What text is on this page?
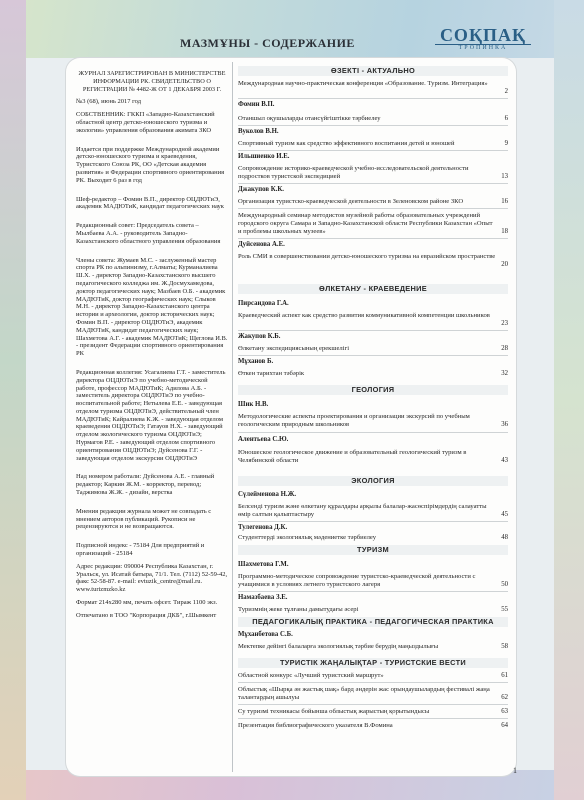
МАЗМҰНЫ - СОДЕРЖАНИЕ	СОҚПАҚ
ТРОПИНКА

ЖУРНАЛ ЗАРЕГИСТРИРОВАН В МИНИСТЕРСТВЕ ИНФОРМАЦИИ РК. СВИДЕТЕЛЬСТВО О РЕГИСТРАЦИИ № 4482-Ж ОТ 1 ДЕКАБРЯ 2003 Г.

№3 (68), июнь 2017 год

СОБСТВЕННИК: ГККП «Западно-Казахстанский областной центр детско-юношеского туризма и экологии» управления образования акимата ЗКО

Издается при поддержке Международной академии детско-юношеского туризма и краеведения, Туристского Союза РК, ОО «Детская академия развития» и Федерации спортивного ориентирования РК. Выходит 6 раз в год

Шеф-редактор – Фомин В.П., директор ОЦДЮТиЭ, академик МАДЮТиК, кандидат педагогических наук

Редакционный совет: Председатель совета – Мылбаева А.А. - руководитель Западно-Казахстанского областного управления образования

Члены совета: Жумаев М.С. - заслуженный мастер спорта РК по альпинизму, г.Алматы; Курманалиева Ш.Х. - директор Западно-Казахстанского высшего педагогического колледжа им. Ж.Досмухамедова, доктор педагогических наук; Мазбаев О.Б. - академик МАДЮТиК, доктор географических наук; Слыков М.Н. - директор Западно-Казахстанского центра истории и археологии, доктор исторических наук; Фомин В.П. - директор ОЦДЮТиЭ, академик МАДЮТиК, кандидат педагогических наук; Шахметова А.Г. - академик МАДЮТиК; Щеглова И.В. - президент Федерации спортивного ориентирования РК

Редакционная коллегия: Усагалиева Г.Т. - заместитель директора ОЦДЮТиЭ по учебно-методической работе, профессор МАДЮТиК; Адилова А.Б. - заместитель директора ОЦДЮТиЭ по учебно-воспитательной работе; Нетылева Е.Е. - заведующая отделом туризма ОЦДЮТиЭ, действительный член МАДЮТиК; Кайралиева К.Ж. - заведующая отделом краеведения ОЦДЮТиЭ; Гатауов Н.Х. - заведующий отделом экологического туризма ОЦДЮТиЭ; Нурмагов Р.Е. - заведующий отделом спортивного ориентирования ОЦДЮТиЭ; Дуйсенова Г.Г. - заведующая отделом экскурсии ОЦДЮТиЭ

Над номером работали: Дуйсенова А.Е. - главный редактор; Каркин Ж.М. - корректор, перевод; Таджимова Ж.Ж. - дизайн, верстка

Мнения редакции журнала может не совпадать с мнением авторов публикаций. Рукописи не рецензируются и не возвращаются.

Подписной индекс - 75184 Для предприятий и организаций - 25184

Адрес редакции: 090004 Республика Казахстан, г. Уральск, ул. Исатай батыра, 71/1. Тел. (7112) 52-59-42, факс 52-58-87. e-mail: evtuzik_centre@mail.ru. www.turizmzko.kz

Формат 214х280 мм, печать офсет. Тираж 1100 экз.

Отпечатано в ТОО "Корпорация ДКБ", г.Шымкент

ӨЗЕКТІ - АКТУАЛЬНО
ӨЛКЕТАНУ - КРАЕВЕДЕНИЕ
ГЕОЛОГИЯ
ЭКОЛОГИЯ
ТУРИЗМ
ПЕДАГОГИКАЛЫҚ ПРАКТИКА - ПЕДАГОГИЧЕСКАЯ ПРАКТИКА
ТУРИСТІК ЖАҢАЛЫҚТАР - ТУРИСТСКИЕ ВЕСТИ
Международная научно-практическая конференция «Образование. Туризм. Интеграция»
2
Фомин В.П.
Отаншыл оқушыларды отансүйгіштікке тәрбиелеу	6
Вуколов В.Н.
Спортивный туризм как средство эффективного воспитания детей и юношей	9
Ильшиенко И.Е.
Сопровождение историко-краеведческой учебно-исследовательской деятельности подростков туристской экспедицией	13
Джакупов К.К.
Организация туристско-краеведческой деятельности в Зеленовском районе ЗКО	16
Международный семинар методистов музейной работы образовательных учреждений городского округа Самара и Западно-Казахстанской области Республики Казахстан «Опыт и проблемы школьных музеев»	18
Дуйсенова А.Е.
Роль СМИ в совершенствовании детско-юношеского туризма на евразийском пространстве
20
Пирсаидова Г.А.
Краеведческий аспект как средство развития коммуникативной компетенции школьников
23
Жакупов К.Б.
Өлкетану экспедициясының ерекшелігі	28
Мұханов Б.
Өткен тарихтан тәбәрік	32
Шик Н.В.
Методологические аспекты проектирования и организации экскурсий по учебным геологическим природным школьников	36
Алентьева С.Ю.
Юношеское геологическое движение и образовательный геологический туризм в Челябинской области	43
Сүлейменова Н.Ж.
Белсенді туризм және өлкетану құралдары арқылы балалар-жасөспірімдердің салауатты өмір салтын қалыптастыру	45
Тулегенова Д.К.
Студенттерді экологиялық мәдениетке тәрбиелеу	48
Шахметова Г.М.
Программно-методическое сопровождение туристско-краеведческой деятельности с учащимися в условиях летнего туристского лагеря	50
Намазбаева З.Е.
Туризмнің жеке тұлғаны дамытудағы әсері	55
Мұханбетова С.Б.
Мектепке дейінгі балаларға экологиялық тәрбие берудің маңыздылығы	58
Областной конкурс «Лучший туристский маршрут»	61
Облыстық «Шырқа ән жастық шақ» бард әндерін жас орындаушылардың фестивалі жаңа талантардың ашылуы	62
Су туризмі техникасы бойынша облыстық жарыстың қорытындысы	63
Презентация библиографического указателя В.Фомина	64
1
